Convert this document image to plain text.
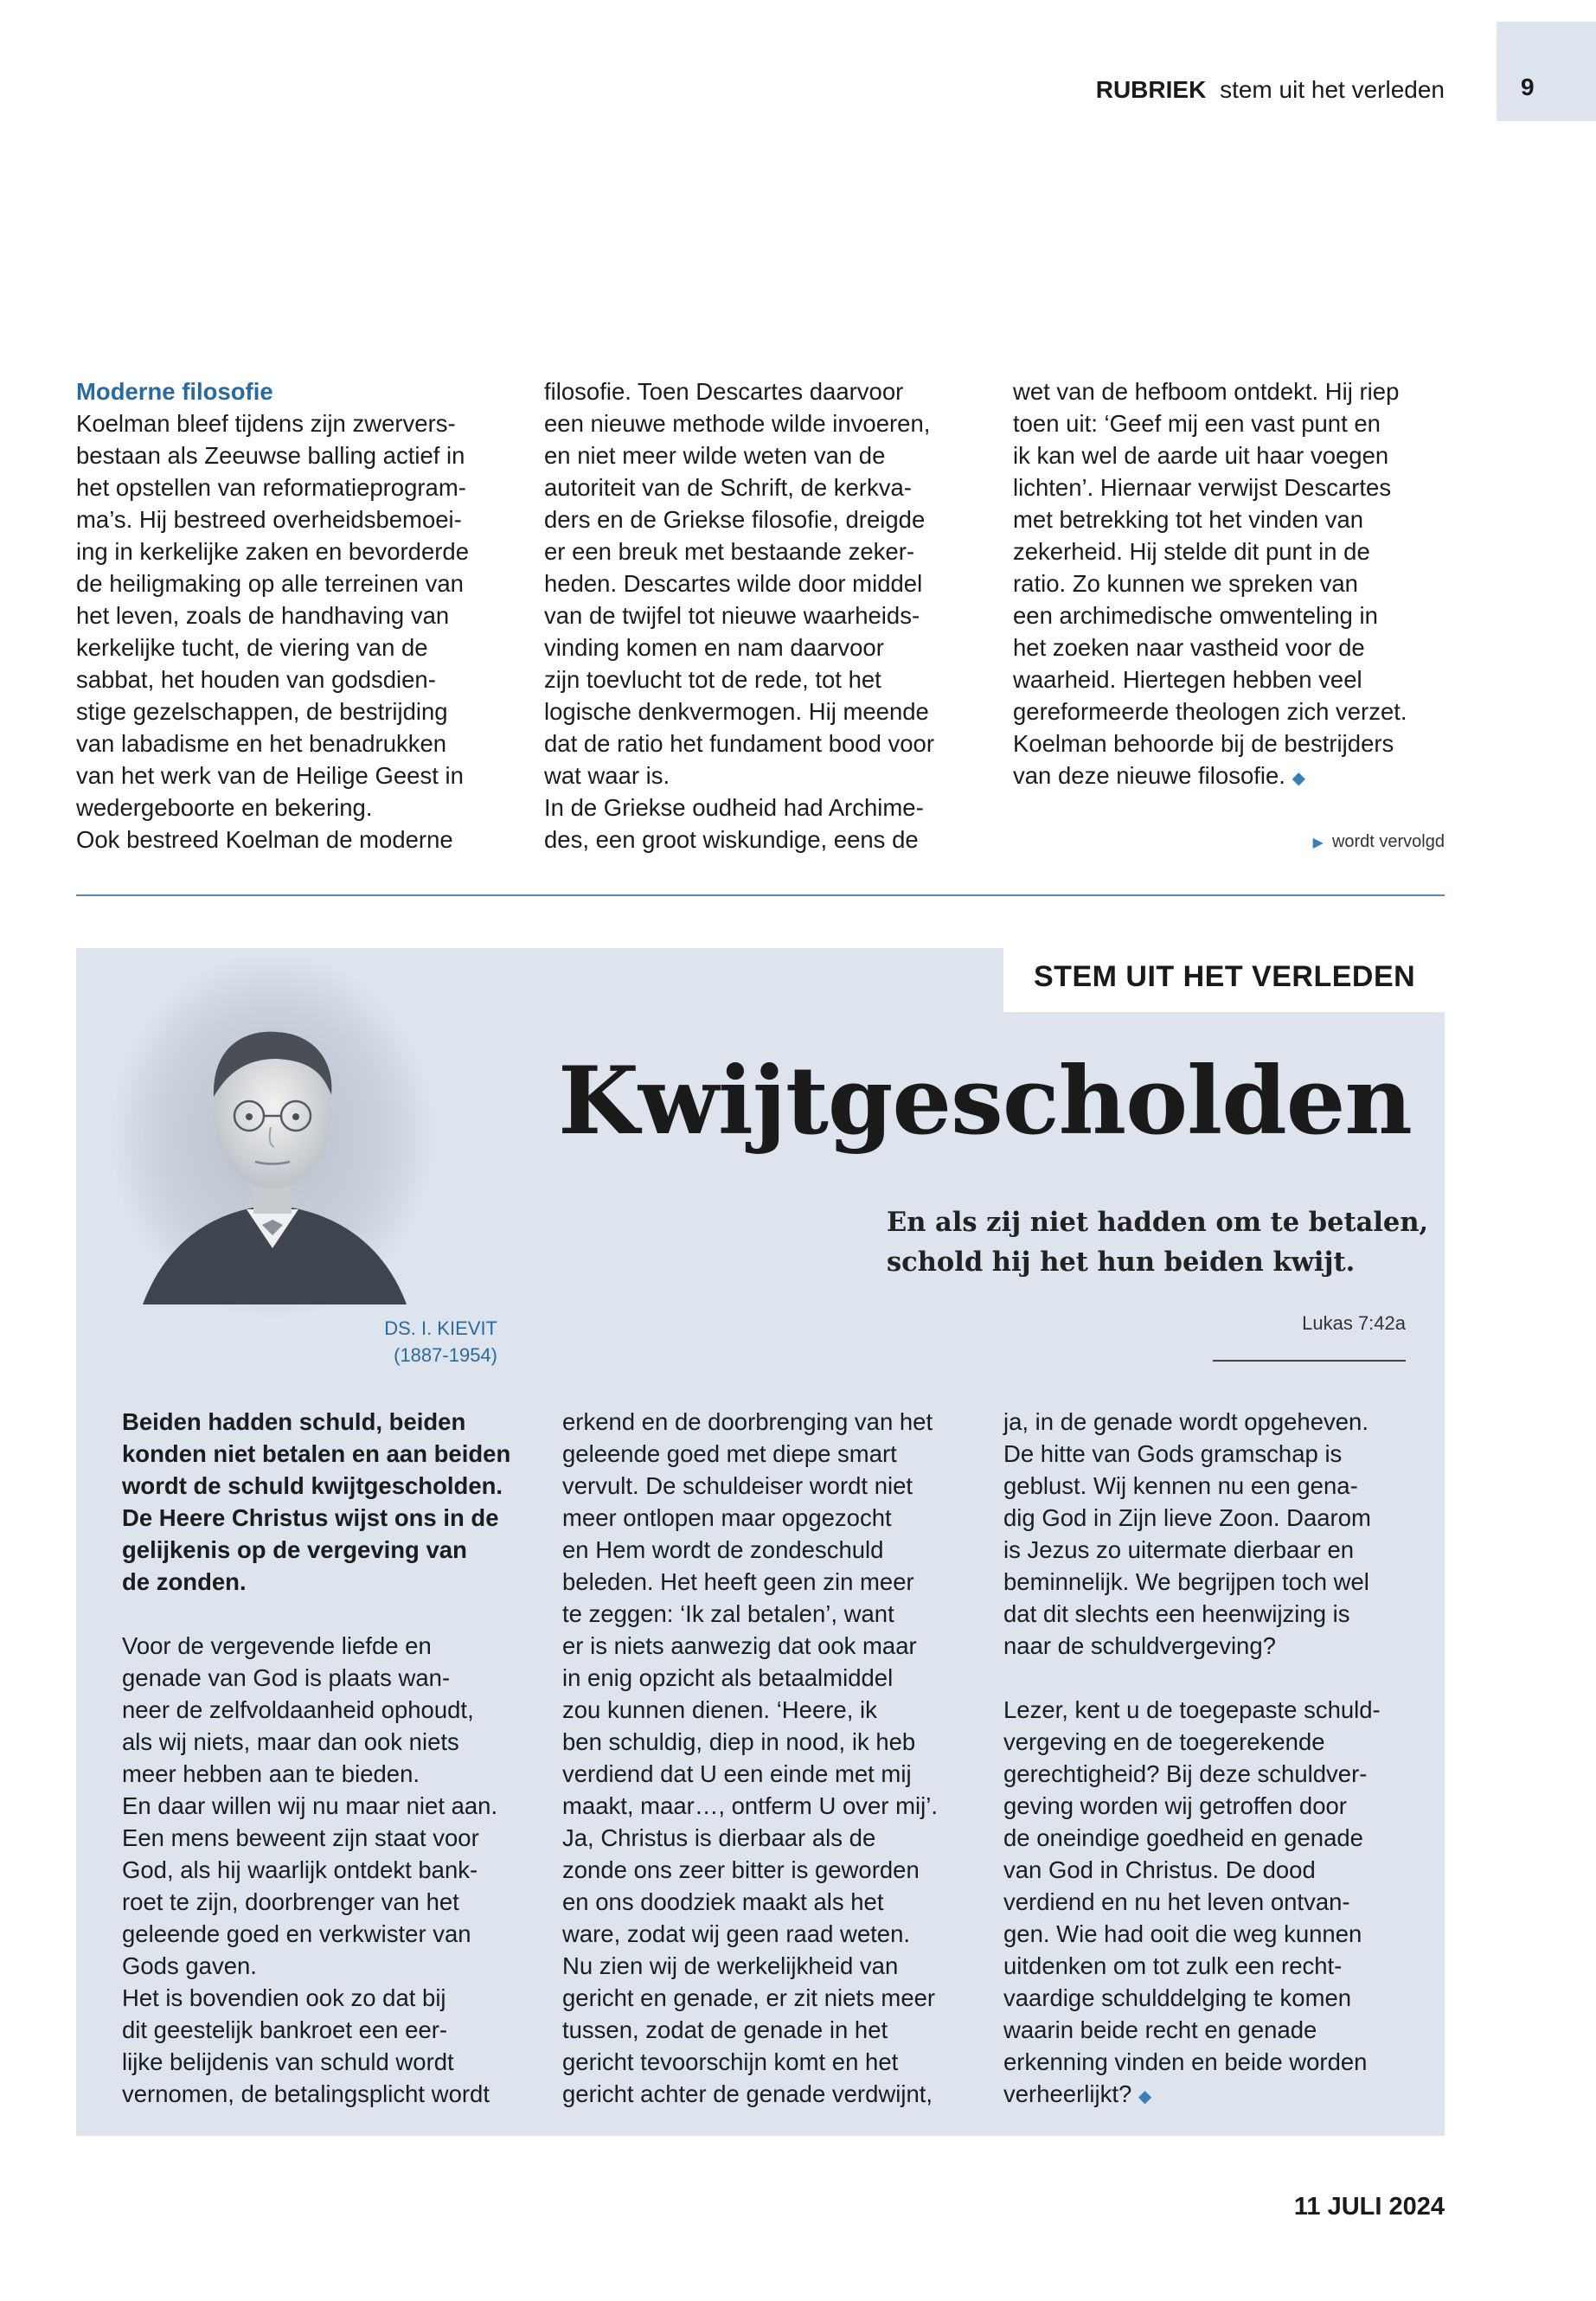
RUBRIEK stem uit het verleden	9

Moderne filosofie

Koelman bleef tijdens zijn zwervers-
bestaan als Zeeuwse balling actief in
het opstellen van reformatieprogram-
ma’s. Hij bestreed overheidsbemoei-
ing in kerkelijke zaken en bevorderde
de heiligmaking op alle terreinen van
het leven, zoals de handhaving van
kerkelijke tucht, de viering van de
sabbat, het houden van godsdien-
stige gezelschappen, de bestrijding
van labadisme en het benadrukken
van het werk van de Heilige Geest in
wedergeboorte en bekering.
Ook bestreed Koelman de moderne

filosofie. Toen Descartes daarvoor
een nieuwe methode wilde invoeren,
en niet meer wilde weten van de
autoriteit van de Schrift, de kerkva-
ders en de Griekse filosofie, dreigde
er een breuk met bestaande zeker-
heden. Descartes wilde door middel
van de twijfel tot nieuwe waarheids-
vinding komen en nam daarvoor
zijn toevlucht tot de rede, tot het
logische denkvermogen. Hij meende
dat de ratio het fundament bood voor
wat waar is.
In de Griekse oudheid had Archime-
des, een groot wiskundige, eens de

wet van de hefboom ontdekt. Hij riep
toen uit: ‘Geef mij een vast punt en
ik kan wel de aarde uit haar voegen
lichten’. Hiernaar verwijst Descartes
met betrekking tot het vinden van
zekerheid. Hij stelde dit punt in de
ratio. Zo kunnen we spreken van
een archimedische omwenteling in
het zoeken naar vastheid voor de
waarheid. Hiertegen hebben veel
gereformeerde theologen zich verzet.
Koelman behoorde bij de bestrijders
van deze nieuwe filosofie. ◆

▶ wordt vervolgd
STEM UIT HET VERLEDEN
DS. I. KIEVIT
(1887-1954)
Kwijtgescholden

En als zij niet hadden om te betalen,

schold hij het hun beiden kwijt.

Lukas 7:42a

Beiden hadden schuld, beiden
konden niet betalen en aan beiden
wordt de schuld kwijtgescholden.
De Heere Christus wijst ons in de
gelijkenis op de vergeving van
de zonden.

Voor de vergevende liefde en
genade van God is plaats wan-
neer de zelfvoldaanheid ophoudt,
als wij niets, maar dan ook niets
meer hebben aan te bieden.
En daar willen wij nu maar niet aan.
Een mens beweent zijn staat voor
God, als hij waarlijk ontdekt bank-
roet te zijn, doorbrenger van het
geleende goed en verkwister van
Gods gaven.
Het is bovendien ook zo dat bij
dit geestelijk bankroet een eer-
lijke belijdenis van schuld wordt
vernomen, de betalingsplicht wordt

erkend en de doorbrenging van het
geleende goed met diepe smart
vervult. De schuldeiser wordt niet
meer ontlopen maar opgezocht
en Hem wordt de zondeschuld
beleden. Het heeft geen zin meer
te zeggen: ‘Ik zal betalen’, want
er is niets aanwezig dat ook maar
in enig opzicht als betaalmiddel
zou kunnen dienen. ‘Heere, ik
ben schuldig, diep in nood, ik heb
verdiend dat U een einde met mij
maakt, maar…, ontferm U over mij’.
Ja, Christus is dierbaar als de
zonde ons zeer bitter is geworden
en ons doodziek maakt als het
ware, zodat wij geen raad weten.
Nu zien wij de werkelijkheid van
gericht en genade, er zit niets meer
tussen, zodat de genade in het
gericht tevoorschijn komt en het
gericht achter de genade verdwijnt,

ja, in de genade wordt opgeheven.
De hitte van Gods gramschap is
geblust. Wij kennen nu een gena-
dig God in Zijn lieve Zoon. Daarom
is Jezus zo uitermate dierbaar en
beminnelijk. We begrijpen toch wel
dat dit slechts een heenwijzing is
naar de schuldvergeving?

Lezer, kent u de toegepaste schuld-
vergeving en de toegerekende
gerechtigheid? Bij deze schuldver-
geving worden wij getroffen door
de oneindige goedheid en genade
van God in Christus. De dood
verdiend en nu het leven ontvan-
gen. Wie had ooit die weg kunnen
uitdenken om tot zulk een recht-
vaardige schulddelging te komen
waarin beide recht en genade
erkenning vinden en beide worden
verheerlijkt? ◆

11 JULI 2024
